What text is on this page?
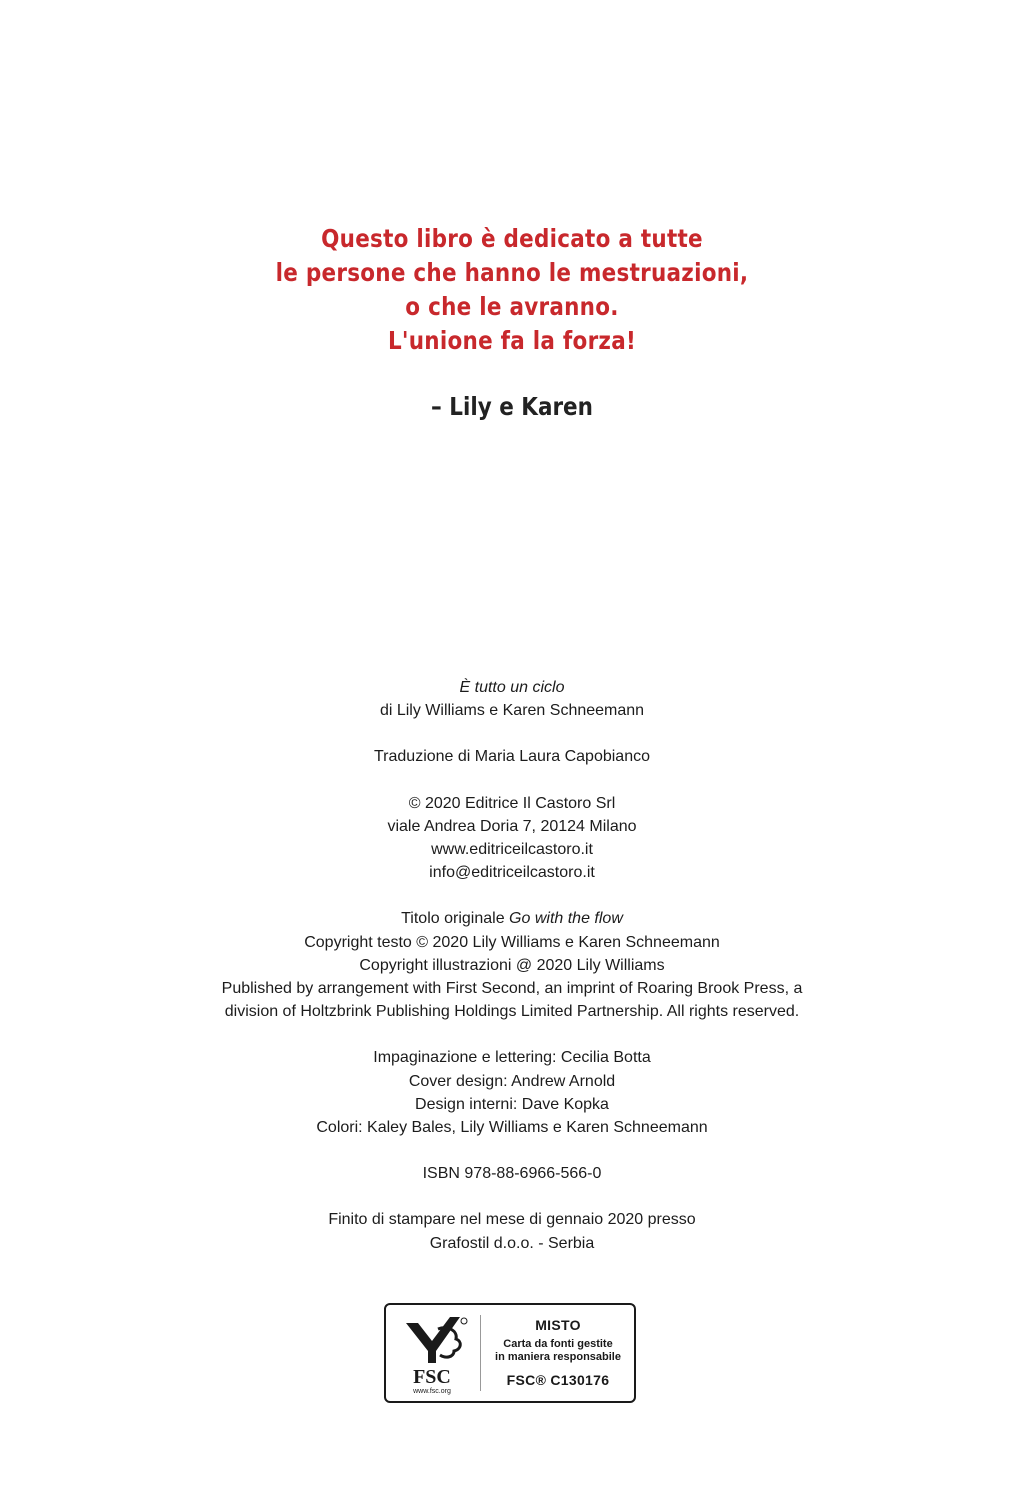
Questo libro è dedicato a tutte
le persone che hanno le mestruazioni,
o che le avranno.
L'unione fa la forza!
– Lily e Karen
È tutto un ciclo
di Lily Williams e Karen Schneemann
Traduzione di Maria Laura Capobianco
© 2020 Editrice Il Castoro Srl
viale Andrea Doria 7, 20124 Milano
www.editriceilcastoro.it
info@editriceilcastoro.it
Titolo originale Go with the flow
Copyright testo © 2020 Lily Williams e Karen Schneemann
Copyright illustrazioni @ 2020 Lily Williams
Published by arrangement with First Second, an imprint of Roaring Brook Press, a
division of Holtzbrink Publishing Holdings Limited Partnership. All rights reserved.
Impaginazione e lettering: Cecilia Botta
Cover design: Andrew Arnold
Design interni: Dave Kopka
Colori: Kaley Bales, Lily Williams e Karen Schneemann
ISBN 978-88-6966-566-0
Finito di stampare nel mese di gennaio 2020 presso
Grafostil d.o.o. - Serbia
FSC
www.fsc.org
MISTO
Carta da fonti gestite
in maniera responsabile
FSC® C130176
